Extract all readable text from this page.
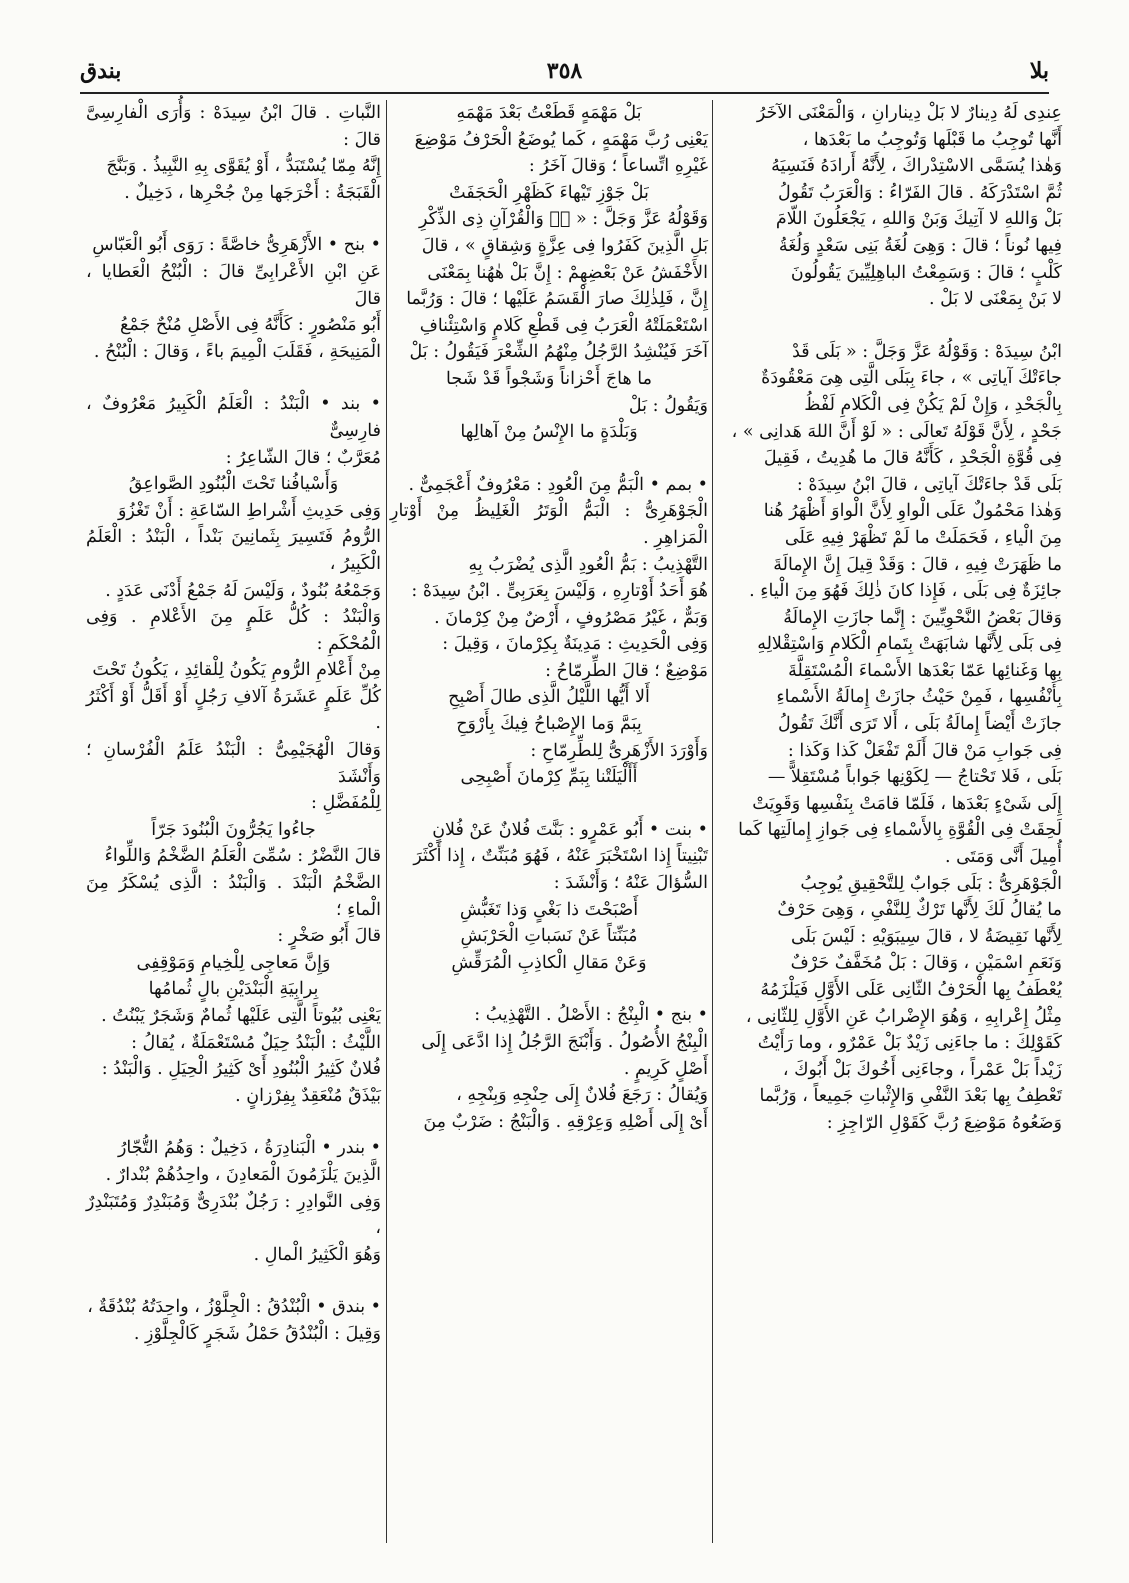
بلا
٣٥٨
بندق

عِندِى لَهُ دِينارٌ لا بَلْ دِينارانِ ، وَالْمَعْنَى الآخَرُ

أَنَّها تُوجِبُ ما قَبْلَها وَتُوجِبُ ما بَعْدَها ،

وَهٰذا يُسَمَّى الاسْتِدْراكَ ، لِأَنَّهُ أَرادَهُ فَنَسِيَهُ

ثُمَّ اسْتَدْرَكَهُ . قالَ الفَرّاءُ : وَالْعَرَبُ تَقُولُ

بَلْ وَاللهِ لا آتِيكَ وَبَنْ وَاللهِ ، يَجْعَلُونَ اللّامَ

فِيها نُوناً ؛ قالَ : وَهِىَ لُغَةُ بَنِى سَعْدٍ وَلُغَةُ

كَلْبٍ ؛ قالَ : وَسَمِعْتُ الباهِلِيِّينَ يَقُولُونَ

لا بَنْ بِمَعْنَى لا بَلْ .

ابْنُ سِيدَهْ : وَقَوْلُهُ عَزَّ وَجَلَّ : « بَلَى قَدْ

جاءَتْكَ آياتِى » ، جاءَ بِبَلَى الَّتِى هِىَ مَعْقُودَةٌ

بِالْجَحْدِ ، وَإِنْ لَمْ يَكُنْ فِى الْكَلامِ لَفْظُ

جَحْدٍ ، لِأَنَّ قَوْلَهُ تَعالَى : « لَوْ أَنَّ اللهَ هَدانِى » ،

فِى قُوَّةِ الْجَحْدِ ، كَأَنَّهُ قالَ ما هُدِيتُ ، فَقِيلَ

بَلَى قَدْ جاءَتْكَ آياتِى ، قالَ ابْنُ سِيدَهْ :

وَهٰذا مَحْمُولٌ عَلَى الْواوِ لِأَنَّ الْواوَ أَظْهَرُ هُنا

مِنَ الْياءِ ، فَحَمَلَتْ ما لَمْ تَظْهَرْ فِيهِ عَلَى

ما ظَهَرَتْ فِيهِ ، قالَ : وَقَدْ قِيلَ إِنَّ الإِمالَةَ

جائِزَةٌ فِى بَلَى ، فَإِذا كانَ ذٰلِكَ فَهُوَ مِنَ الْياءِ .

وَقالَ بَعْضُ النَّحْوِيِّينَ : إِنَّما جازَتِ الإِمالَةُ

فِى بَلَى لِأَنَّها شابَهَتْ بِتَمامِ الْكَلامِ وَاسْتِقْلالِهِ

بِها وَغَنائِها عَمّا بَعْدَها الأَسْماءَ الْمُسْتَقِلَّةَ

بِأَنْفُسِها ، فَمِنْ حَيْثُ جازَتْ إِمالَةُ الأَسْماءِ

جازَتْ أَيْضاً إِمالَةُ بَلَى ، أَلا تَرَى أَنَّكَ تَقُولُ

فِى جَوابِ مَنْ قالَ أَلَمْ تَفْعَلْ كَذا وَكَذا :

بَلَى ، فَلا تَحْتاجُ — لِكَوْنِها جَواباً مُسْتَقِلاًّ —

إِلَى شَىْءٍ بَعْدَها ، فَلَمّا قامَتْ بِنَفْسِها وَقَوِيَتْ

لَحِقَتْ فِى الْقُوَّةِ بِالأَسْماءِ فِى جَوازِ إِمالَتِها كَما

أُمِيلَ أَنَّى وَمَتَى .

الْجَوْهَرِىُّ : بَلَى جَوابٌ لِلتَّحْقِيقِ يُوجِبُ

ما يُقالُ لَكَ لِأَنَّها تَرْكٌ لِلنَّفْىِ ، وَهِىَ حَرْفٌ

لِأَنَّها نَقِيضَةُ لا ، قالَ سِيبَوَيْهِ : لَيْسَ بَلَى

وَنَعَمِ اسْمَيْنِ ، وَقالَ : بَلْ مُخَفَّفٌ حَرْفٌ

يُعْطَفُ بِها الْحَرْفُ الثّانِى عَلَى الأَوَّلِ فَيَلْزَمُهُ

مِثْلُ إِعْرابِهِ ، وَهُوَ الإِضْرابُ عَنِ الأَوَّلِ لِلثّانِى ،

كَقَوْلِكَ : ما جاءَنِى زَيْدٌ بَلْ عَمْرٌو ، وما رَأَيْتُ

زَيْداً بَلْ عَمْراً ، وجاءَنِى أَخُوكَ بَلْ أَبُوكَ ،

تَعْطِفُ بِها بَعْدَ النَّفْىِ وَالإِثْباتِ جَمِيعاً ، وَرُبَّما

وَضَعُوهُ مَوْضِعَ رُبَّ كَقَوْلِ الرّاجِزِ :

بَلْ مَهْمَهٍ قَطَعْتُ بَعْدَ مَهْمَهِ

يَعْنِى رُبَّ مَهْمَهٍ ، كَما يُوضَعُ الْحَرْفُ مَوْضِعَ

غَيْرِهِ اتِّساعاً ؛ وَقالَ آخَرُ :

بَلْ جَوْزِ تَيْهاءَ كَظَهْرِ الْحَجَفَتْ

وَقَوْلُهُ عَزَّ وَجَلَّ : « صۤ وَالْقُرْآنِ ذِى الذِّكْرِ

بَلِ الَّذِينَ كَفَرُوا فِى عِزَّةٍ وَشِقاقٍ » ، قالَ

الأَخْفَشُ عَنْ بَعْضِهِمْ : إِنَّ بَلْ هٰهُنا بِمَعْنَى

إِنَّ ، فَلِذٰلِكَ صارَ الْقَسَمُ عَلَيْها ؛ قالَ : وَرُبَّما

اسْتَعْمَلَتْهُ الْعَرَبُ فِى قَطْعِ كَلامٍ وَاسْتِئْنافِ

آخَرَ فَيُنْشِدُ الرَّجُلُ مِنْهُمُ الشِّعْرَ فَيَقُولُ : بَلْ

ما هاجَ أَحْزاناً وَشَجْواً قَدْ شَجا

وَيَقُولُ : بَلْ

وَبَلْدَةٍ ما الإِنْسُ مِنْ آهالِها

• بمم • الْبَمُّ مِنَ الْعُودِ : مَعْرُوفٌ أَعْجَمِىٌّ .

الْجَوْهَرِىُّ : الْبَمُّ الْوَتَرُ الْغَلِيظُ مِنْ أَوْتارِ الْمَزاهِرِ .

التَّهْذِيبُ : بَمُّ الْعُودِ الَّذِى يُضْرَبُ بِهِ

هُوَ أَحَدُ أَوْتارِهِ ، وَلَيْسَ بِعَرَبِىٍّ . ابْنُ سِيدَهْ :

وَبَمٌّ ، غَيْرُ مَصْرُوفٍ ، أَرْضٌ مِنْ كِرْمانَ .

وَفِى الْحَدِيثِ : مَدِينَةٌ بِكِرْمانَ ، وَقِيلَ :

مَوْضِعٌ ؛ قالَ الطِّرِمّاحُ :

أَلا أَيُّها اللَّيْلُ الَّذِى طالَ أَصْبِحِ

بِبَمَّ وَما الإِصْباحُ فِيكَ بِأَرْوَحِ

وَأَوْرَدَ الأَزْهَرِىُّ لِلطِّرِمّاحِ :

أَأَلْيَلَتْنا بِبَمِّ كِرْمانَ أَصْبِحِى

• بنت • أَبُو عَمْرٍو : بَنَّتَ فُلانٌ عَنْ فُلانٍ

تَبْنِيتاً إِذا اسْتَخْبَرَ عَنْهُ ، فَهُوَ مُبَنِّتٌ ، إِذا أَكْثَرَ

السُّؤالَ عَنْهُ ؛ وَأَنْشَدَ :

أَصْبَحْتَ ذا بَغْىٍ وَذا تَغَبُّشِ

مُبَنِّتاً عَنْ نَسَباتِ الْحَرْبَشِ

وَعَنْ مَقالِ الْكاذِبِ الْمُرَقِّشِ

• بنج • الْبِنْجُ : الأَصْلُ . التَّهْذِيبُ :

الْبِنْجُ الأُصُولُ . وَأَبْنَجَ الرَّجُلُ إِذا ادَّعَى إِلَى

أَصْلٍ كَرِيمٍ .

وَيُقالُ : رَجَعَ فُلانٌ إِلَى حِنْجِهِ وَبِنْجِهِ ،

أَىْ إِلَى أَصْلِهِ وَعِرْقِهِ . وَالْبَنْجُ : ضَرْبٌ مِنَ

النَّباتِ . قالَ ابْنُ سِيدَهْ : وَأُرَى الْفارِسِىَّ قالَ :

إِنَّهُ مِمّا يُسْتَبَدُّ ، أَوْ يُقَوَّى بِهِ النَّبِيذُ . وَبَنَّجَ

الْقَبَجَةُ : أَخْرَجَها مِنْ جُحْرِها ، دَخِيلٌ .

• بنح • الأَزْهَرِىُّ خاصَّةً : رَوَى أَبُو الْعَبّاسِ

عَنِ ابْنِ الأَعْرابِىِّ قالَ : الْبُنْحُ الْعَطايا ، قالَ

أَبُو مَنْصُورٍ : كَأَنَّهُ فِى الأَصْلِ مُنْحٌ جَمْعُ

الْمَنِيحَةِ ، فَقَلَبَ الْمِيمَ باءً ، وَقالَ : الْبُنْحُ .

• بند • الْبَنْدُ : الْعَلَمُ الْكَبِيرُ مَعْرُوفٌ ، فارِسِىٌّ

مُعَرَّبٌ ؛ قالَ الشّاعِرُ :

وَأَسْيافُنا تَحْتَ الْبُنُودِ الصَّواعِقُ

وَفِى حَدِيثِ أَشْراطِ السّاعَةِ : أَنْ تَغْزُوَ

الرُّومُ فَتَسِيرَ بِثَمانِينَ بَنْداً ، الْبَنْدُ : الْعَلَمُ الْكَبِيرُ ،

وَجَمْعُهُ بُنُودٌ ، وَلَيْسَ لَهُ جَمْعُ أَدْنَى عَدَدٍ .

وَالْبَنْدُ : كُلُّ عَلَمٍ مِنَ الأَعْلامِ . وَفِى الْمُحْكَمِ :

مِنْ أَعْلامِ الرُّومِ يَكُونُ لِلْقائِدِ ، يَكُونُ تَحْتَ

كُلِّ عَلَمٍ عَشَرَةُ آلافِ رَجُلٍ أَوْ أَقَلُّ أَوْ أَكْثَرُ .

وَقالَ الْهُجَيْمِىُّ : الْبَنْدُ عَلَمُ الْفُرْسانِ ؛ وَأَنْشَدَ

لِلْمُفَضَّلِ :

جاءُوا يَجُرُّونَ الْبُنُودَ جَرّاً

قالَ النَّضْرُ : سُمِّىَ الْعَلَمُ الضَّخْمُ وَاللِّواءُ

الضَّخْمُ الْبَنْدَ . وَالْبَنْدُ : الَّذِى يُسْكَرُ مِنَ الْماءِ ؛

قالَ أَبُو صَخْرٍ :

وَإِنَّ مَعاجِى لِلْخِيامِ وَمَوْقِفِى

بِرابِيَةِ الْبَنْدَيْنِ بالٍ ثُمامُها

يَعْنِى بُيُوتاً الَّتِى عَلَيْها ثُمامٌ وَشَجَرٌ يَبْنُتُ .

اللَّيْثُ : الْبَنْدُ حِيَلٌ مُسْتَعْمَلَةٌ ، يُقالُ :

فُلانٌ كَثِيرُ الْبُنُودِ أَىْ كَثِيرُ الْحِيَلِ . وَالْبَنْدُ :

بَيْذَقٌ مُنْعَقِدٌ بِفِرْزانٍ .

• بندر • الْبَنادِرَةُ ، دَخِيلٌ : وَهُمُ التُّجّارُ

الَّذِينَ يَلْزَمُونَ الْمَعادِنَ ، واحِدُهُمْ بُنْدارٌ .

وَفِى النَّوادِرِ : رَجُلٌ بُنْدَرِىٌّ وَمُبَنْدِرٌ وَمُتَبَنْدِرٌ ،

وَهُوَ الْكَثِيرُ الْمالِ .

• بندق • الْبُنْدُقُ : الْجِلَّوْزُ ، واحِدَتُهُ بُنْدُقَةٌ ،

وَقِيلَ : الْبُنْدُقُ حَمْلُ شَجَرٍ كَالْجِلَّوْزِ .
